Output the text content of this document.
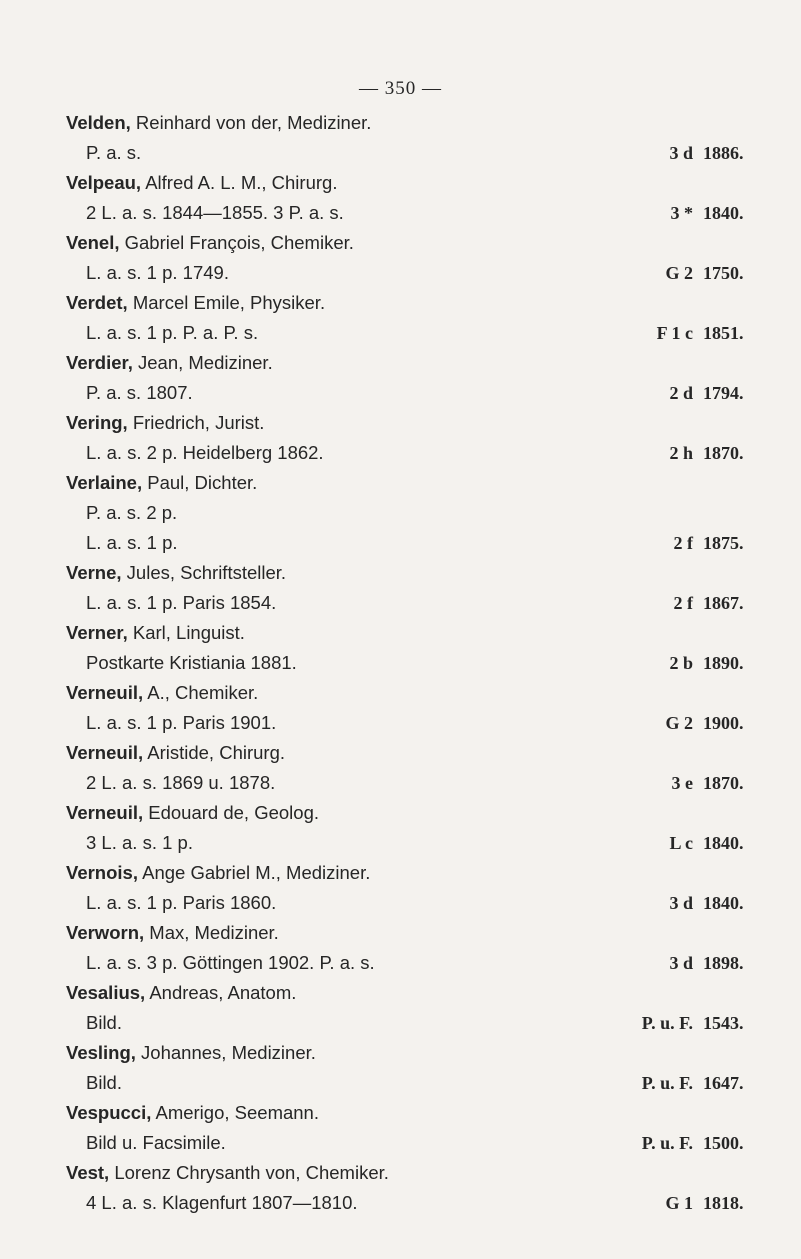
— 350 —
Velden, Reinhard von der, Mediziner.
P. a. s.	3 d 1886.
Velpeau, Alfred A. L. M., Chirurg.
2 L. a. s. 1844—1855. 3 P. a. s.	3 * 1840.
Venel, Gabriel François, Chemiker.
L. a. s. 1 p. 1749.	G 2 1750.
Verdet, Marcel Emile, Physiker.
L. a. s. 1 p. P. a. P. s.	F 1 c 1851.
Verdier, Jean, Mediziner.
P. a. s. 1807.	2 d 1794.
Vering, Friedrich, Jurist.
L. a. s. 2 p. Heidelberg 1862.	2 h 1870.
Verlaine, Paul, Dichter.
P. a. s. 2 p.
L. a. s. 1 p.	2 f 1875.
Verne, Jules, Schriftsteller.
L. a. s. 1 p. Paris 1854.	2 f 1867.
Verner, Karl, Linguist.
Postkarte Kristiania 1881.	2 b 1890.
Verneuil, A., Chemiker.
L. a. s. 1 p. Paris 1901.	G 2 1900.
Verneuil, Aristide, Chirurg.
2 L. a. s. 1869 u. 1878.	3 e 1870.
Verneuil, Edouard de, Geolog.
3 L. a. s. 1 p.	L c 1840.
Vernois, Ange Gabriel M., Mediziner.
L. a. s. 1 p. Paris 1860.	3 d 1840.
Verworn, Max, Mediziner.
L. a. s. 3 p. Göttingen 1902. P. a. s.	3 d 1898.
Vesalius, Andreas, Anatom.
Bild.	P. u. F. 1543.
Vesling, Johannes, Mediziner.
Bild.	P. u. F. 1647.
Vespucci, Amerigo, Seemann.
Bild u. Facsimile.	P. u. F. 1500.
Vest, Lorenz Chrysanth von, Chemiker.
4 L. a. s. Klagenfurt 1807—1810.	G 1 1818.
